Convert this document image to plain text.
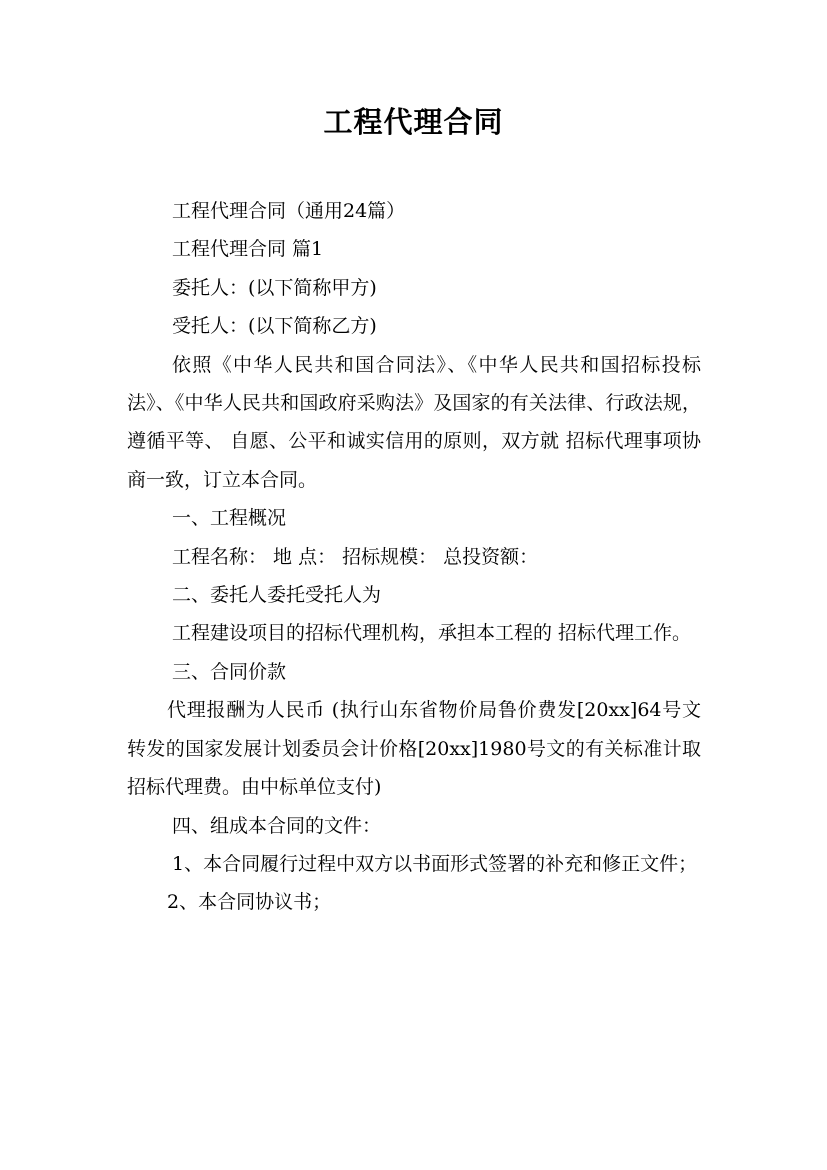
工程代理合同

工程代理合同（通用24篇）

工程代理合同 篇1

委托人：(以下简称甲方)

受托人：(以下简称乙方)

依照《中华人民共和国合同法》、《中华人民共和国招标投标法》、《中华人民共和国政府采购法》及国家的有关法律、行政法规，遵循平等、 自愿、公平和诚实信用的原则，双方就 招标代理事项协商一致，订立本合同。

一、工程概况

工程名称： 地 点： 招标规模： 总投资额：

二、委托人委托受托人为

工程建设项目的招标代理机构，承担本工程的 招标代理工作。

三、合同价款

代理报酬为人民币 (执行山东省物价局鲁价费发[20xx]64号文转发的国家发展计划委员会计价格[20xx]1980号文的有关标准计取招标代理费。由中标单位支付)

四、组成本合同的文件：

1、本合同履行过程中双方以书面形式签署的补充和修正文件；

2、本合同协议书；
